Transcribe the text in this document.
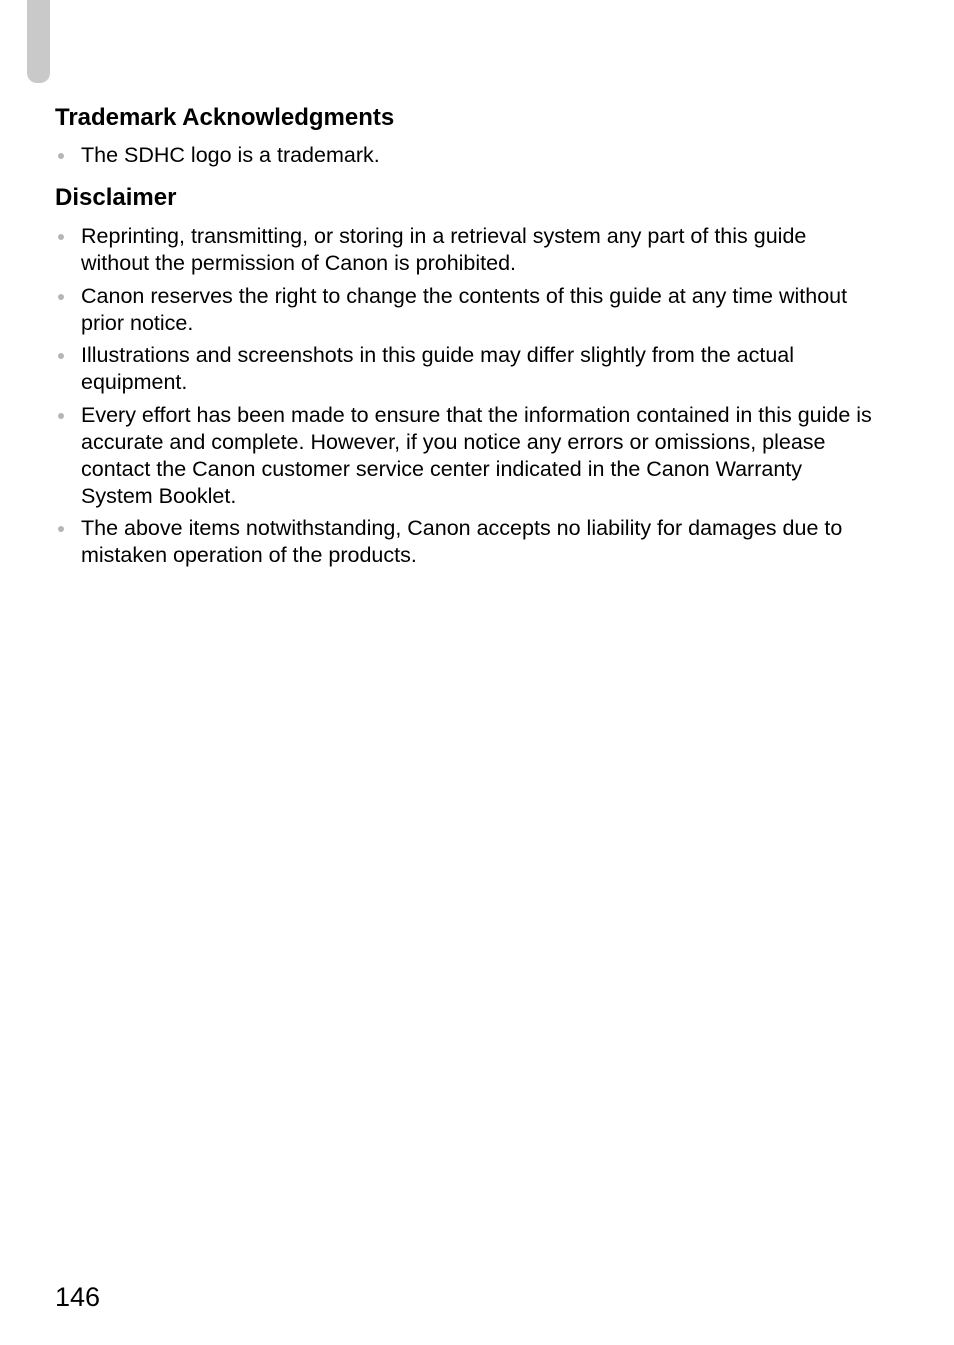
Trademark Acknowledgments
The SDHC logo is a trademark.
Disclaimer
Reprinting, transmitting, or storing in a retrieval system any part of this guide without the permission of Canon is prohibited.
Canon reserves the right to change the contents of this guide at any time without prior notice.
Illustrations and screenshots in this guide may differ slightly from the actual equipment.
Every effort has been made to ensure that the information contained in this guide is accurate and complete. However, if you notice any errors or omissions, please contact the Canon customer service center indicated in the Canon Warranty System Booklet.
The above items notwithstanding, Canon accepts no liability for damages due to mistaken operation of the products.
146
